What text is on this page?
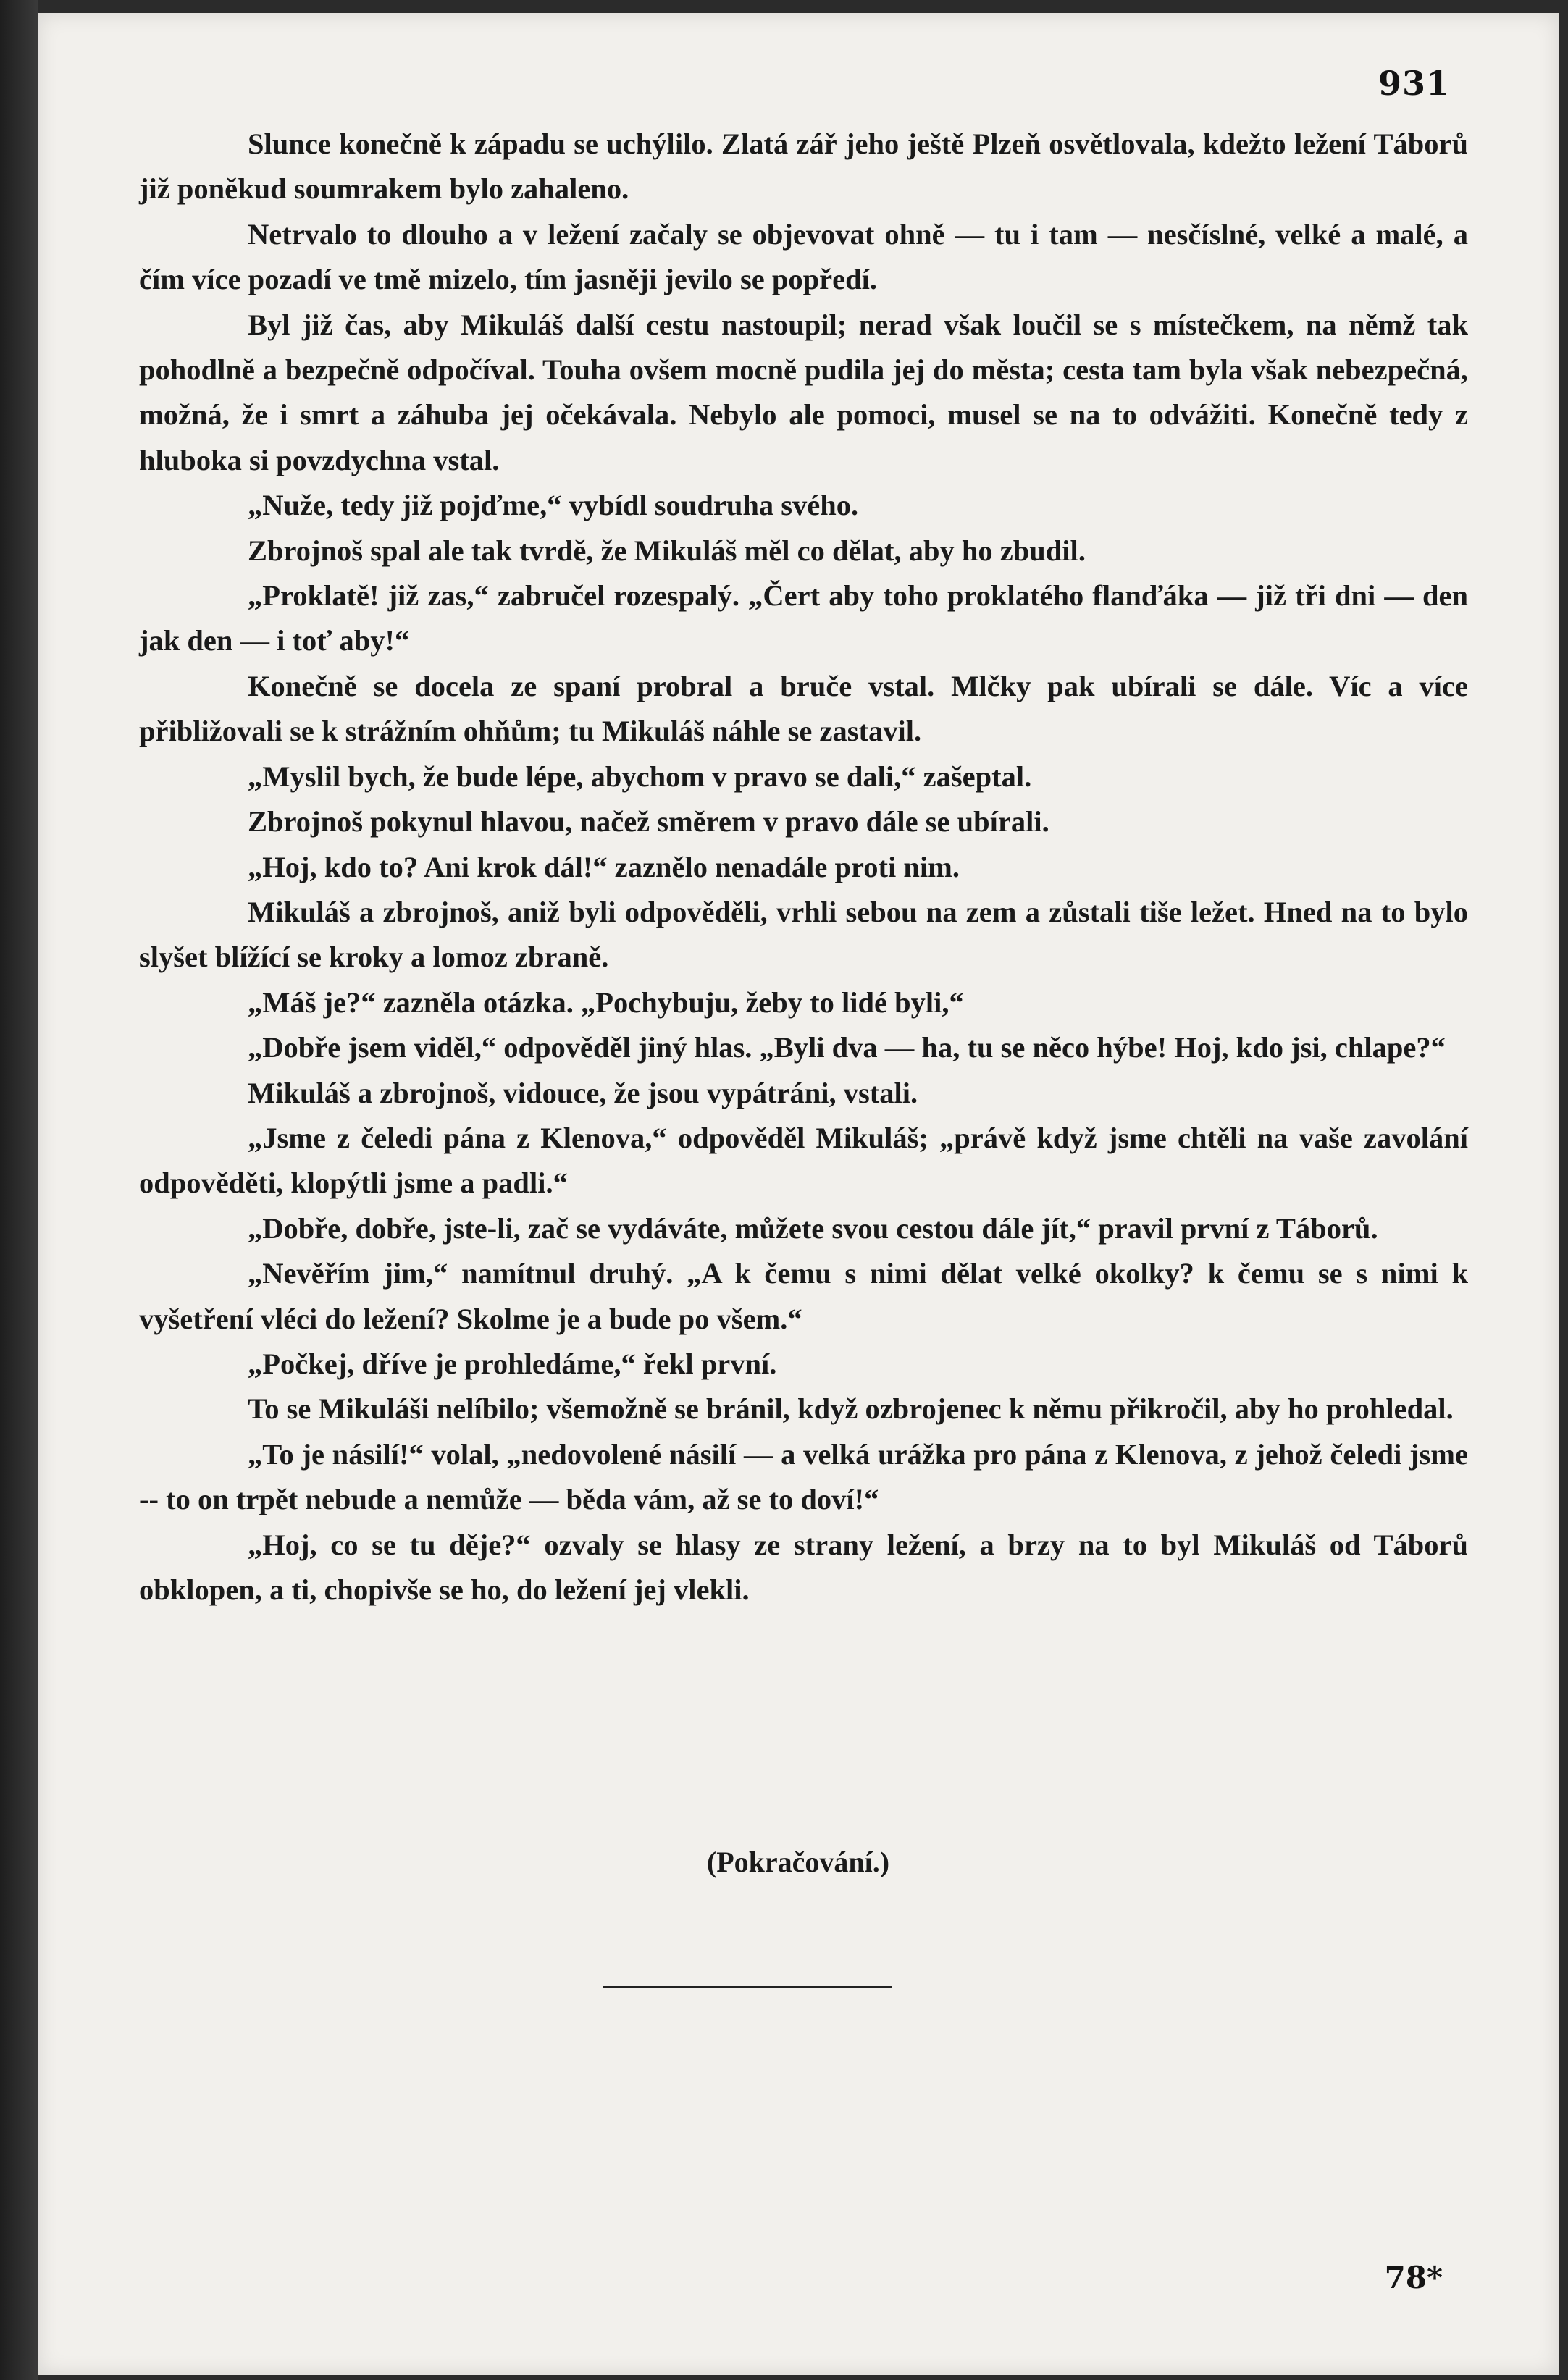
931

Slunce konečně k západu se uchýlilo. Zlatá zář jeho ještě Plzeň osvětlovala, kdežto ležení Táborů již poněkud soumrakem bylo zahaleno.

Netrvalo to dlouho a v ležení začaly se objevovat ohně — tu i tam — nesčíslné, velké a malé, a čím více pozadí ve tmě mizelo, tím jasněji jevilo se popředí.

Byl již čas, aby Mikuláš další cestu nastoupil; nerad však loučil se s místečkem, na němž tak pohodlně a bezpečně odpočíval. Touha ovšem mocně pudila jej do města; cesta tam byla však nebezpečná, možná, že i smrt a záhuba jej očekávala. Nebylo ale pomoci, musel se na to odvážiti. Konečně tedy z hluboka si povzdychna vstal.

„Nuže, tedy již pojďme,“ vybídl soudruha svého.

Zbrojnoš spal ale tak tvrdě, že Mikuláš měl co dělat, aby ho zbudil.

„Proklatě! již zas,“ zabručel rozespalý. „Čert aby toho proklatého flanďáka — již tři dni — den jak den — i toť aby!“

Konečně se docela ze spaní probral a bruče vstal. Mlčky pak ubírali se dále. Víc a více přibližovali se k strážním ohňům; tu Mikuláš náhle se zastavil.

„Myslil bych, že bude lépe, abychom v pravo se dali,“ zašeptal.

Zbrojnoš pokynul hlavou, načež směrem v pravo dále se ubírali.

„Hoj, kdo to? Ani krok dál!“ zaznělo nenadále proti nim.

Mikuláš a zbrojnoš, aniž byli odpověděli, vrhli sebou na zem a zůstali tiše ležet. Hned na to bylo slyšet blížící se kroky a lomoz zbraně.

„Máš je?“ zazněla otázka. „Pochybuju, žeby to lidé byli,“

„Dobře jsem viděl,“ odpověděl jiný hlas. „Byli dva — ha, tu se něco hýbe! Hoj, kdo jsi, chlape?“

Mikuláš a zbrojnoš, vidouce, že jsou vypátráni, vstali.

„Jsme z čeledi pána z Klenova,“ odpověděl Mikuláš; „právě když jsme chtěli na vaše zavolání odpověděti, klopýtli jsme a padli.“

„Dobře, dobře, jste-li, zač se vydáváte, můžete svou cestou dále jít,“ pravil první z Táborů.

„Nevěřím jim,“ namítnul druhý. „A k čemu s nimi dělat velké okolky? k čemu se s nimi k vyšetření vléci do ležení? Skolme je a bude po všem.“

„Počkej, dříve je prohledáme,“ řekl první.

To se Mikuláši nelíbilo; všemožně se bránil, když ozbrojenec k němu přikročil, aby ho prohledal.

„To je násilí!“ volal, „nedovolené násilí — a velká urážka pro pána z Klenova, z jehož čeledi jsme -- to on trpět nebude a nemůže — běda vám, až se to doví!“

„Hoj, co se tu děje?“ ozvaly se hlasy ze strany ležení, a brzy na to byl Mikuláš od Táborů obklopen, a ti, chopivše se ho, do ležení jej vlekli.

(Pokračování.)
78*
